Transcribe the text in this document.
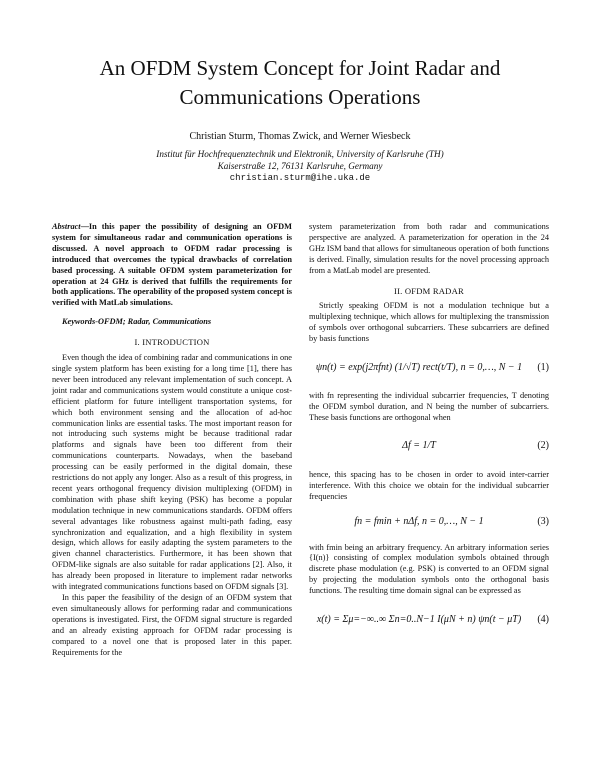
An OFDM System Concept for Joint Radar and
Communications Operations
Christian Sturm, Thomas Zwick, and Werner Wiesbeck
Institut für Hochfrequenztechnik und Elektronik, University of Karlsruhe (TH)
Kaiserstraße 12, 76131 Karlsruhe, Germany
christian.sturm@ihe.uka.de

Abstract—In this paper the possibility of designing an OFDM system for simultaneous radar and communication operations is discussed. A novel approach to OFDM radar processing is introduced that overcomes the typical drawbacks of correlation based processing. A suitable OFDM system parameterization for operation at 24 GHz is derived that fulfills the requirements for both applications. The operability of the proposed system concept is verified with MatLab simulations.

Keywords-OFDM; Radar, Communications

I. INTRODUCTION

Even though the idea of combining radar and communications in one single system platform has been existing for a long time [1], there has never been introduced any relevant implementation of such concept. A joint radar and communications system would constitute a unique cost-efficient platform for future intelligent transportation systems, for which both environment sensing and the allocation of ad-hoc communication links are essential tasks. The most important reason for not introducing such systems might be because traditional radar platforms and signals have been too different from their communications counterparts. Nowadays, when the baseband processing can be easily performed in the digital domain, these restrictions do not apply any longer. Also as a result of this progress, in recent years orthogonal frequency division multiplexing (OFDM) in combination with phase shift keying (PSK) has become a popular modulation technique in new communications standards. OFDM offers several advantages like robustness against multi-path fading, easy synchronization and equalization, and a high flexibility in system design, which allows for easily adapting the system parameters to the given channel characteristics. Furthermore, it has been shown that OFDM-like signals are also suitable for radar applications [2]. Also, it has already been proposed in literature to implement radar networks with integrated communications functions based on OFDM signals [3].

In this paper the feasibility of the design of an OFDM system that even simultaneously allows for performing radar and communications operations is investigated. First, the OFDM signal structure is regarded and an already existing approach for OFDM radar processing is compared to a novel one that is proposed later in this paper. Requirements for the

system parameterization from both radar and communications perspective are analyzed. A parameterization for operation in the 24 GHz ISM band that allows for simultaneous operation of both functions is derived. Finally, simulation results for the novel processing approach from a MatLab model are presented.

II. OFDM RADAR

Strictly speaking OFDM is not a modulation technique but a multiplexing technique, which allows for multiplexing the transmission of symbols over orthogonal subcarriers. These subcarriers are defined by basis functions

ψn(t) = exp(j2πfnt) (1/√T) rect(t/T), n = 0,…, N − 1	(1)

with fn representing the individual subcarrier frequencies, T denoting the OFDM symbol duration, and N being the number of subcarriers. These basis functions are orthogonal when

Δf = 1/T	(2)

hence, this spacing has to be chosen in order to avoid inter-carrier interference. With this choice we obtain for the individual subcarrier frequencies

fn = fmin + nΔf, n = 0,…, N − 1	(3)

with fmin being an arbitrary frequency. An arbitrary information series {I(n)} consisting of complex modulation symbols obtained through discrete phase modulation (e.g. PSK) is converted to an OFDM signal by projecting the modulation symbols onto the orthogonal basis functions. The resulting time domain signal can be expressed as

x(t) = Σμ=−∞..∞ Σn=0..N−1 I(μN + n) ψn(t − μT)	(4)
